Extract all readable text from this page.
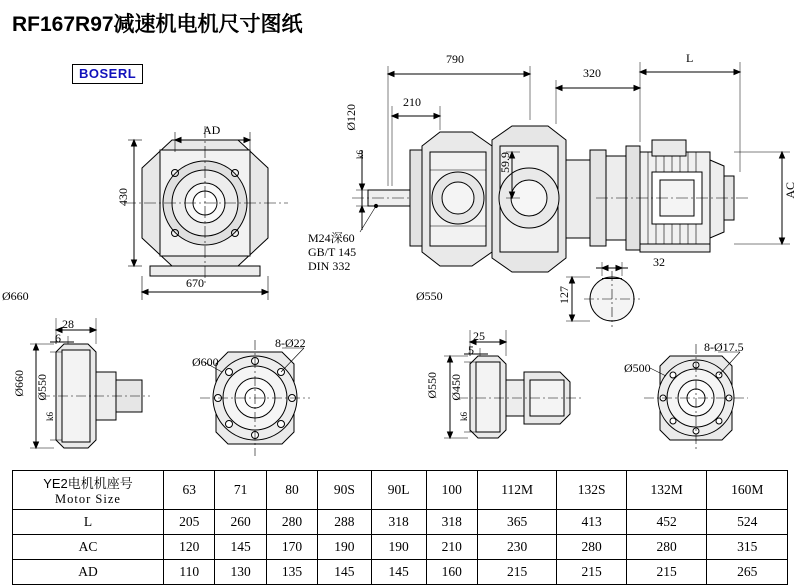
RF167R97减速机电机尺寸图纸
BOSERL
AD
430
670
790
320
L
210
Ø120
k6	59.9
AC
M24深60
GB/T 145
DIN 332
Ø660	Ø550
32
127
28
6
Ø660 Ø550
k6
Ø600
8-Ø22	25
5
Ø550 Ø450
k6
Ø500
8-Ø17.5
YE2电机机座号
Motor Size	63	71	80	90S	90L	100	112M	132S	132M	160M
L	205	260	280	288	318	318	365	413	452	524
AC	120	145	170	190	190	210	230	280	280	315
AD	110	130	135	145	145	160	215	215	215	265
